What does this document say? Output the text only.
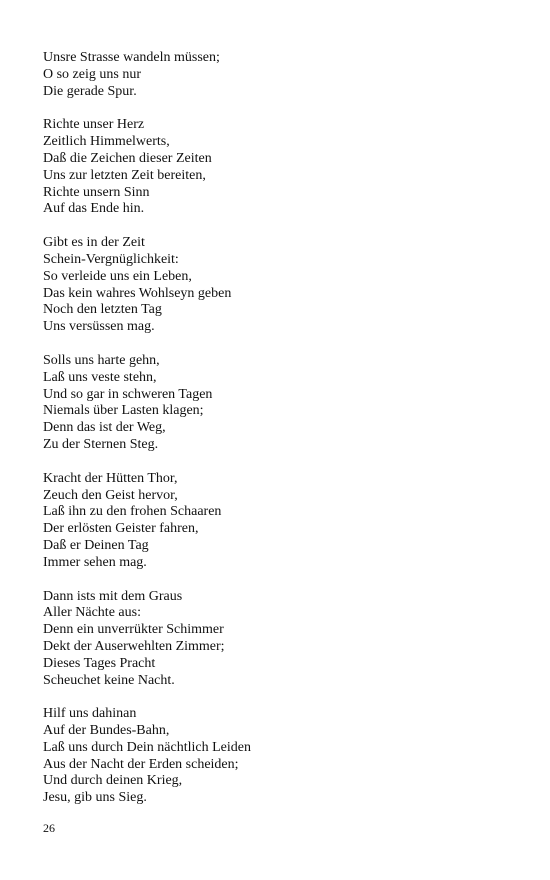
Unsre Strasse wandeln müssen;
O so zeig uns nur
Die gerade Spur.
Richte unser Herz
Zeitlich Himmelwerts,
Daß die Zeichen dieser Zeiten
Uns zur letzten Zeit bereiten,
Richte unsern Sinn
Auf das Ende hin.
Gibt es in der Zeit
Schein-Vergnüglichkeit:
So verleide uns ein Leben,
Das kein wahres Wohlseyn geben
Noch den letzten Tag
Uns versüssen mag.
Solls uns harte gehn,
Laß uns veste stehn,
Und so gar in schweren Tagen
Niemals über Lasten klagen;
Denn das ist der Weg,
Zu der Sternen Steg.
Kracht der Hütten Thor,
Zeuch den Geist hervor,
Laß ihn zu den frohen Schaaren
Der erlösten Geister fahren,
Daß er Deinen Tag
Immer sehen mag.
Dann ists mit dem Graus
Aller Nächte aus:
Denn ein unverrükter Schimmer
Dekt der Auserwehlten Zimmer;
Dieses Tages Pracht
Scheuchet keine Nacht.
Hilf uns dahinan
Auf der Bundes-Bahn,
Laß uns durch Dein nächtlich Leiden
Aus der Nacht der Erden scheiden;
Und durch deinen Krieg,
Jesu, gib uns Sieg.
26
